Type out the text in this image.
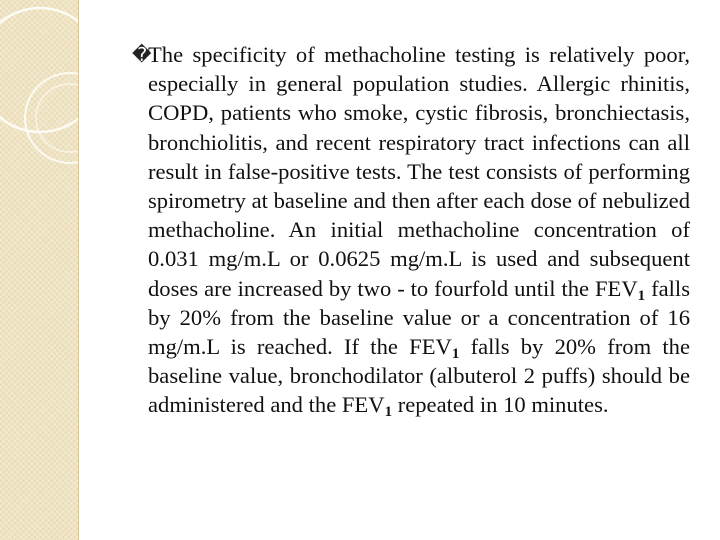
�

The specificity of methacholine testing is relatively poor, especially in general population studies. Allergic rhinitis, COPD, patients who smoke, cystic fibrosis, bronchiectasis, bronchiolitis, and recent respiratory tract infections can all result in false-positive tests. The test consists of performing spirometry at baseline and then after each dose of nebulized methacholine. An initial methacholine concentration of 0.031 mg/m.L or 0.0625 mg/m.L is used and subsequent doses are increased by two - to fourfold until the $FEV_1$ falls by 20% from the baseline value or a concentration of 16 mg/m.L is reached. If the $FEV_1$ falls by 20% from the baseline value, bronchodilator (albuterol 2 puffs) should be administered and the $FEV_1$ repeated in 10 minutes.
